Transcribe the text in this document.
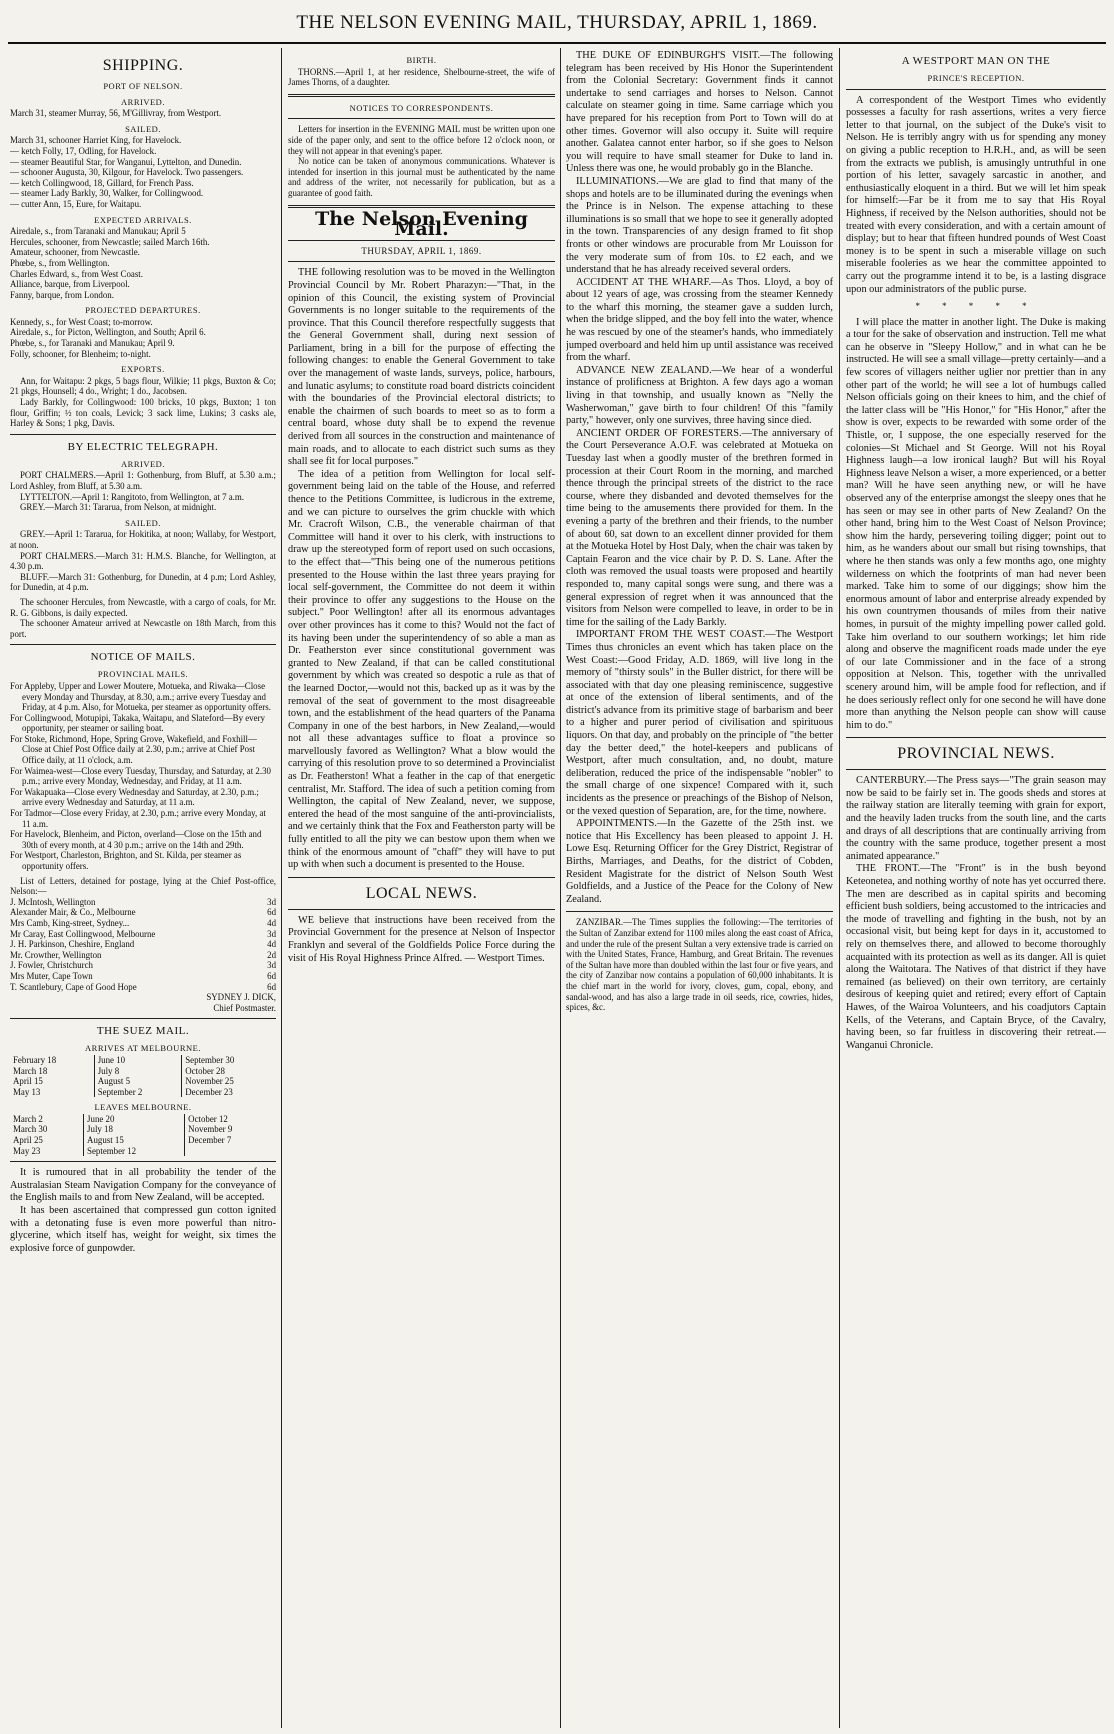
THE NELSON EVENING MAIL, THURSDAY, APRIL 1, 1869.
SHIPPING.
PORT OF NELSON.
ARRIVED.
March 31, steamer Murray, 56, M'Gillivray, from Westport.
SAILED.
March 31, schooner Harriet King, for Havelock.
— ketch Folly, 17, Odling, for Havelock.
— steamer Beautiful Star, for Wanganui, Lyttelton, and Dunedin.
— schooner Augusta, 30, Kilgour, for Havelock. Two passengers.
— ketch Collingwood, 18, Gillard, for French Pass.
— steamer Lady Barkly, 30, Walker, for Collingwood.
— cutter Ann, 15, Eure, for Waitapu.
EXPECTED ARRIVALS.
Airedale, s., from Taranaki and Manukau; April 5
Hercules, schooner, from Newcastle; sailed March 16th.
Amateur, schooner, from Newcastle.
Phœbe, s., from Wellington.
Charles Edward, s., from West Coast.
Alliance, barque, from Liverpool.
Fanny, barque, from London.
PROJECTED DEPARTURES.
Kennedy, s., for West Coast; to-morrow.
Airedale, s., for Picton, Wellington, and South; April 6.
Phœbe, s., for Taranaki and Manukau; April 9.
Folly, schooner, for Blenheim; to-night.
EXPORTS.

Ann, for Waitapu: 2 pkgs, 5 bags flour, Wilkie; 11 pkgs, Buxton & Co; 21 pkgs, Hounsell; 4 do., Wright; 1 do., Jacobsen.

Lady Barkly, for Collingwood: 100 bricks, 10 pkgs, Buxton; 1 ton flour, Griffin; ½ ton coals, Levick; 3 sack lime, Lukins; 3 casks ale, Harley & Sons; 1 pkg, Davis.

BY ELECTRIC TELEGRAPH.
ARRIVED.

PORT CHALMERS.—April 1: Gothenburg, from Bluff, at 5.30 a.m.; Lord Ashley, from Bluff, at 5.30 a.m.

LYTTELTON.—April 1: Rangitoto, from Wellington, at 7 a.m.

GREY.—March 31: Tararua, from Nelson, at midnight.

SAILED.

GREY.—April 1: Tararua, for Hokitika, at noon; Wallaby, for Westport, at noon.

PORT CHALMERS.—March 31: H.M.S. Blanche, for Wellington, at 4.30 p.m.

BLUFF.—March 31: Gothenburg, for Dunedin, at 4 p.m; Lord Ashley, for Dunedin, at 4 p.m.

The schooner Hercules, from Newcastle, with a cargo of coals, for Mr. R. G. Gibbons, is daily expected.

The schooner Amateur arrived at Newcastle on 18th March, from this port.

NOTICE OF MAILS.
PROVINCIAL MAILS.
For Appleby, Upper and Lower Moutere, Motueka, and Riwaka—Close every Monday and Thursday, at 8.30, a.m.; arrive every Tuesday and Friday, at 4 p.m. Also, for Motueka, per steamer as opportunity offers.
For Collingwood, Motupipi, Takaka, Waitapu, and Slateford—By every opportunity, per steamer or sailing boat.
For Stoke, Richmond, Hope, Spring Grove, Wakefield, and Foxhill—Close at Chief Post Office daily at 2.30, p.m.; arrive at Chief Post Office daily, at 11 o'clock, a.m.
For Waimea-west—Close every Tuesday, Thursday, and Saturday, at 2.30 p.m.; arrive every Monday, Wednesday, and Friday, at 11 a.m.
For Wakapuaka—Close every Wednesday and Saturday, at 2.30, p.m.; arrive every Wednesday and Saturday, at 11 a.m.
For Tadmor—Close every Friday, at 2.30, p.m.; arrive every Monday, at 11 a.m.
For Havelock, Blenheim, and Picton, overland—Close on the 15th and 30th of every month, at 4 30 p.m.; arrive on the 14th and 29th.
For Westport, Charleston, Brighton, and St. Kilda, per steamer as opportunity offers.

List of Letters, detained for postage, lying at the Chief Post-office, Nelson:—

J. McIntosh, Wellington	3d
Alexander Mair, & Co., Melbourne	6d
Mrs Camb, King-street, Sydney...	4d
Mr Caray, East Collingwood, Melbourne	3d
J. H. Parkinson, Cheshire, England	4d
Mr. Crowther, Wellington	2d
J. Fowler, Christchurch	3d
Mrs Muter, Cape Town	6d
T. Scantlebury, Cape of Good Hope	6d
SYDNEY J. DICK,
Chief Postmaster.
THE SUEZ MAIL.
ARRIVES AT MELBOURNE.
February 18	June 10	September 30
March 18	July 8	October 28
April 15	August 5	November 25
May 13	September 2	December 23
LEAVES MELBOURNE.
March 2	June 20	October 12
March 30	July 18	November 9
April 25	August 15	December 7
May 23	September 12	

It is rumoured that in all probability the tender of the Australasian Steam Navigation Company for the conveyance of the English mails to and from New Zealand, will be accepted.

It has been ascertained that compressed gun cotton ignited with a detonating fuse is even more powerful than nitro-glycerine, which itself has, weight for weight, six times the explosive force of gunpowder.

BIRTH.

THORNS.—April 1, at her residence, Shelbourne-street, the wife of James Thorns, of a daughter.

NOTICES TO CORRESPONDENTS.

Letters for insertion in the EVENING MAIL must be written upon one side of the paper only, and sent to the office before 12 o'clock noon, or they will not appear in that evening's paper.

No notice can be taken of anonymous communications. Whatever is intended for insertion in this journal must be authenticated by the name and address of the writer, not necessarily for publication, but as a guarantee of good faith.

The Nelson Evening Mail.
THURSDAY, APRIL 1, 1869.

THE following resolution was to be moved in the Wellington Provincial Council by Mr. Robert Pharazyn:—"That, in the opinion of this Council, the existing system of Provincial Governments is no longer suitable to the requirements of the province. That this Council therefore respectfully suggests that the General Government shall, during next session of Parliament, bring in a bill for the purpose of effecting the following changes: to enable the General Government to take over the management of waste lands, surveys, police, harbours, and lunatic asylums; to constitute road board districts coincident with the boundaries of the Provincial electoral districts; to enable the chairmen of such boards to meet so as to form a central board, whose duty shall be to expend the revenue derived from all sources in the construction and maintenance of main roads, and to allocate to each district such sums as they shall see fit for local purposes."

The idea of a petition from Wellington for local self-government being laid on the table of the House, and referred thence to the Petitions Committee, is ludicrous in the extreme, and we can picture to ourselves the grim chuckle with which Mr. Cracroft Wilson, C.B., the venerable chairman of that Committee will hand it over to his clerk, with instructions to draw up the stereotyped form of report used on such occasions, to the effect that—"This being one of the numerous petitions presented to the House within the last three years praying for local self-government, the Committee do not deem it within their province to offer any suggestions to the House on the subject." Poor Wellington! after all its enormous advantages over other provinces has it come to this? Would not the fact of its having been under the superintendency of so able a man as Dr. Featherston ever since constitutional government was granted to New Zealand, if that can be called constitutional government by which was created so despotic a rule as that of the learned Doctor,—would not this, backed up as it was by the removal of the seat of government to the most disagreeable town, and the establishment of the head quarters of the Panama Company in one of the best harbors, in New Zealand,—would not all these advantages suffice to float a province so marvellously favored as Wellington? What a blow would the carrying of this resolution prove to so determined a Provincialist as Dr. Featherston! What a feather in the cap of that energetic centralist, Mr. Stafford. The idea of such a petition coming from Wellington, the capital of New Zealand, never, we suppose, entered the head of the most sanguine of the anti-provincialists, and we certainly think that the Fox and Featherston party will be fully entitled to all the pity we can bestow upon them when we think of the enormous amount of "chaff" they will have to put up with when such a document is presented to the House.

LOCAL NEWS.

WE believe that instructions have been received from the Provincial Government for the presence at Nelson of Inspector Franklyn and several of the Goldfields Police Force during the visit of His Royal Highness Prince Alfred. — Westport Times.

THE DUKE OF EDINBURGH'S VISIT.—The following telegram has been received by His Honor the Superintendent from the Colonial Secretary: Government finds it cannot undertake to send carriages and horses to Nelson. Cannot calculate on steamer going in time. Same carriage which you have prepared for his reception from Port to Town will do at other times. Governor will also occupy it. Suite will require another. Galatea cannot enter harbor, so if she goes to Nelson you will require to have small steamer for Duke to land in. Unless there was one, he would probably go in the Blanche.

ILLUMINATIONS.—We are glad to find that many of the shops and hotels are to be illuminated during the evenings when the Prince is in Nelson. The expense attaching to these illuminations is so small that we hope to see it generally adopted in the town. Transparencies of any design framed to fit shop fronts or other windows are procurable from Mr Louisson for the very moderate sum of from 10s. to £2 each, and we understand that he has already received several orders.

ACCIDENT AT THE WHARF.—As Thos. Lloyd, a boy of about 12 years of age, was crossing from the steamer Kennedy to the wharf this morning, the steamer gave a sudden lurch, when the bridge slipped, and the boy fell into the water, whence he was rescued by one of the steamer's hands, who immediately jumped overboard and held him up until assistance was received from the wharf.

ADVANCE NEW ZEALAND.—We hear of a wonderful instance of prolificness at Brighton. A few days ago a woman living in that township, and usually known as "Nelly the Washerwoman," gave birth to four children! Of this "family party," however, only one survives, three having since died.

ANCIENT ORDER OF FORESTERS.—The anniversary of the Court Perseverance A.O.F. was celebrated at Motueka on Tuesday last when a goodly muster of the brethren formed in procession at their Court Room in the morning, and marched thence through the principal streets of the district to the race course, where they disbanded and devoted themselves for the time being to the amusements there provided for them. In the evening a party of the brethren and their friends, to the number of about 60, sat down to an excellent dinner provided for them at the Motueka Hotel by Host Daly, when the chair was taken by Captain Fearon and the vice chair by P. D. S. Lane. After the cloth was removed the usual toasts were proposed and heartily responded to, many capital songs were sung, and there was a general expression of regret when it was announced that the visitors from Nelson were compelled to leave, in order to be in time for the sailing of the Lady Barkly.

IMPORTANT FROM THE WEST COAST.—The Westport Times thus chronicles an event which has taken place on the West Coast:—Good Friday, A.D. 1869, will live long in the memory of "thirsty souls" in the Buller district, for there will be associated with that day one pleasing reminiscence, suggestive at once of the extension of liberal sentiments, and of the district's advance from its primitive stage of barbarism and beer to a higher and purer period of civilisation and spirituous liquors. On that day, and probably on the principle of "the better day the better deed," the hotel-keepers and publicans of Westport, after much consultation, and, no doubt, mature deliberation, reduced the price of the indispensable "nobler" to the small charge of one sixpence! Compared with it, such incidents as the presence or preachings of the Bishop of Nelson, or the vexed question of Separation, are, for the time, nowhere.

APPOINTMENTS.—In the Gazette of the 25th inst. we notice that His Excellency has been pleased to appoint J. H. Lowe Esq. Returning Officer for the Grey District, Registrar of Births, Marriages, and Deaths, for the district of Cobden, Resident Magistrate for the district of Nelson South West Goldfields, and a Justice of the Peace for the Colony of New Zealand.

ZANZIBAR.—The Times supplies the following:—The territories of the Sultan of Zanzibar extend for 1100 miles along the east coast of Africa, and under the rule of the present Sultan a very extensive trade is carried on with the United States, France, Hamburg, and Great Britain. The revenues of the Sultan have more than doubled within the last four or five years, and the city of Zanzibar now contains a population of 60,000 inhabitants. It is the chief mart in the world for ivory, cloves, gum, copal, ebony, and sandal-wood, and has also a large trade in oil seeds, rice, cowries, hides, spices, &c.

A WESTPORT MAN ON THE
PRINCE'S RECEPTION.

A correspondent of the Westport Times who evidently possesses a faculty for rash assertions, writes a very fierce letter to that journal, on the subject of the Duke's visit to Nelson. He is terribly angry with us for spending any money on giving a public reception to H.R.H., and, as will be seen from the extracts we publish, is amusingly untruthful in one portion of his letter, savagely sarcastic in another, and enthusiastically eloquent in a third. But we will let him speak for himself:—Far be it from me to say that His Royal Highness, if received by the Nelson authorities, should not be treated with every consideration, and with a certain amount of display; but to hear that fifteen hundred pounds of West Coast money is to be spent in such a miserable village on such miserable fooleries as we hear the committee appointed to carry out the programme intend it to be, is a lasting disgrace upon our administrators of the public purse.

* * * * *

I will place the matter in another light. The Duke is making a tour for the sake of observation and instruction. Tell me what can he observe in "Sleepy Hollow," and in what can he be instructed. He will see a small village—pretty certainly—and a few scores of villagers neither uglier nor prettier than in any other part of the world; he will see a lot of humbugs called Nelson officials going on their knees to him, and the chief of the latter class will be "His Honor," for "His Honor," after the show is over, expects to be rewarded with some order of the Thistle, or, I suppose, the one especially reserved for the colonies—St Michael and St George. Will not his Royal Highness laugh—a low ironical laugh? But will his Royal Highness leave Nelson a wiser, a more experienced, or a better man? Will he have seen anything new, or will he have observed any of the enterprise amongst the sleepy ones that he has seen or may see in other parts of New Zealand? On the other hand, bring him to the West Coast of Nelson Province; show him the hardy, persevering toiling digger; point out to him, as he wanders about our small but rising townships, that where he then stands was only a few months ago, one mighty wilderness on which the footprints of man had never been marked. Take him to some of our diggings; show him the enormous amount of labor and enterprise already expended by his own countrymen thousands of miles from their native homes, in pursuit of the mighty impelling power called gold. Take him overland to our southern workings; let him ride along and observe the magnificent roads made under the eye of our late Commissioner and in the face of a strong opposition at Nelson. This, together with the unrivalled scenery around him, will be ample food for reflection, and if he does seriously reflect only for one second he will have done more than anything the Nelson people can show will cause him to do."

PROVINCIAL NEWS.

CANTERBURY.—The Press says—"The grain season may now be said to be fairly set in. The goods sheds and stores at the railway station are literally teeming with grain for export, and the heavily laden trucks from the south line, and the carts and drays of all descriptions that are continually arriving from the country with the same produce, together present a most animated appearance."

THE FRONT.—The "Front" is in the bush beyond Keteonetea, and nothing worthy of note has yet occurred there. The men are described as in capital spirits and becoming efficient bush soldiers, being accustomed to the intricacies and the mode of travelling and fighting in the bush, not by an occasional visit, but being kept for days in it, accustomed to rely on themselves there, and allowed to become thoroughly acquainted with its protection as well as its danger. All is quiet along the Waitotara. The Natives of that district if they have remained (as believed) on their own territory, are certainly desirous of keeping quiet and retired; every effort of Captain Hawes, of the Wairoa Volunteers, and his coadjutors Captain Kells, of the Veterans, and Captain Bryce, of the Cavalry, having been, so far fruitless in discovering their retreat.—Wanganui Chronicle.
